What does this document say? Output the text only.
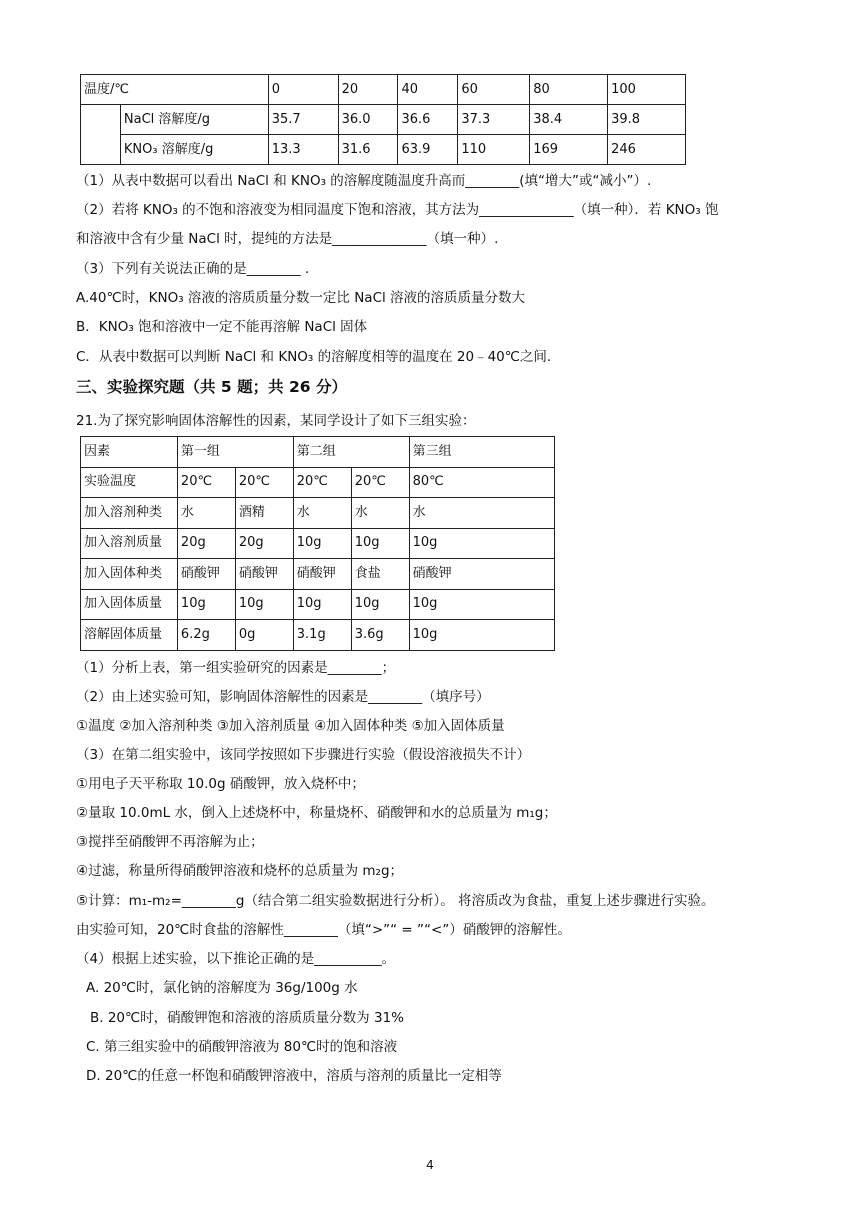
温度/℃		0	20	40	60	80	100
	NaCl 溶解度/g	35.7	36.0	36.6	37.3	38.4	39.8
	KNO₃ 溶解度/g	13.3	31.6	63.9	110	169	246
（1）从表中数据可以看出 NaCl 和 KNO₃ 的溶解度随温度升高而________(填“增大”或“减小”）.
（2）若将 KNO₃ 的不饱和溶液变为相同温度下饱和溶液，其方法为______________（填一种）．若 KNO₃ 饱
和溶液中含有少量 NaCl 时，提纯的方法是______________（填一种）.
（3）下列有关说法正确的是________ .
A.40℃时，KNO₃ 溶液的溶质质量分数一定比 NaCl 溶液的溶质质量分数大
B．KNO₃ 饱和溶液中一定不能再溶解 NaCl 固体
C．从表中数据可以判断 NaCl 和 KNO₃ 的溶解度相等的温度在 20﹣40℃之间.
三、实验探究题（共 5 题；共 26 分）
21.为了探究影响固体溶解性的因素，某同学设计了如下三组实验：
因素	第一组		第二组		第三组
实验温度	20℃	20℃	20℃	20℃	80℃
加入溶剂种类	水	酒精	水	水	水
加入溶剂质量	20g	20g	10g	10g	10g
加入固体种类	硝酸钾	硝酸钾	硝酸钾	食盐	硝酸钾
加入固体质量	10g	10g	10g	10g	10g
溶解固体质量	6.2g	0g	3.1g	3.6g	10g
（1）分析上表，第一组实验研究的因素是________；
（2）由上述实验可知，影响固体溶解性的因素是________（填序号）
①温度 ②加入溶剂种类 ③加入溶剂质量 ④加入固体种类 ⑤加入固体质量
（3）在第二组实验中，该同学按照如下步骤进行实验（假设溶液损失不计）
①用电子天平称取 10.0g 硝酸钾，放入烧杯中；
②量取 10.0mL 水，倒入上述烧杯中，称量烧杯、硝酸钾和水的总质量为 m₁g；
③搅拌至硝酸钾不再溶解为止；
④过滤，称量所得硝酸钾溶液和烧杯的总质量为 m₂g；
⑤计算：m₁-m₂=________g（结合第二组实验数据进行分析）。 将溶质改为食盐，重复上述步骤进行实验。
由实验可知，20℃时食盐的溶解性________（填“>”“ = ”“<”）硝酸钾的溶解性。
（4）根据上述实验，以下推论正确的是__________。
A. 20℃时，氯化钠的溶解度为 36g/100g 水
B. 20℃时，硝酸钾饱和溶液的溶质质量分数为 31%
C. 第三组实验中的硝酸钾溶液为 80℃时的饱和溶液
D. 20℃的任意一杯饱和硝酸钾溶液中，溶质与溶剂的质量比一定相等
4
